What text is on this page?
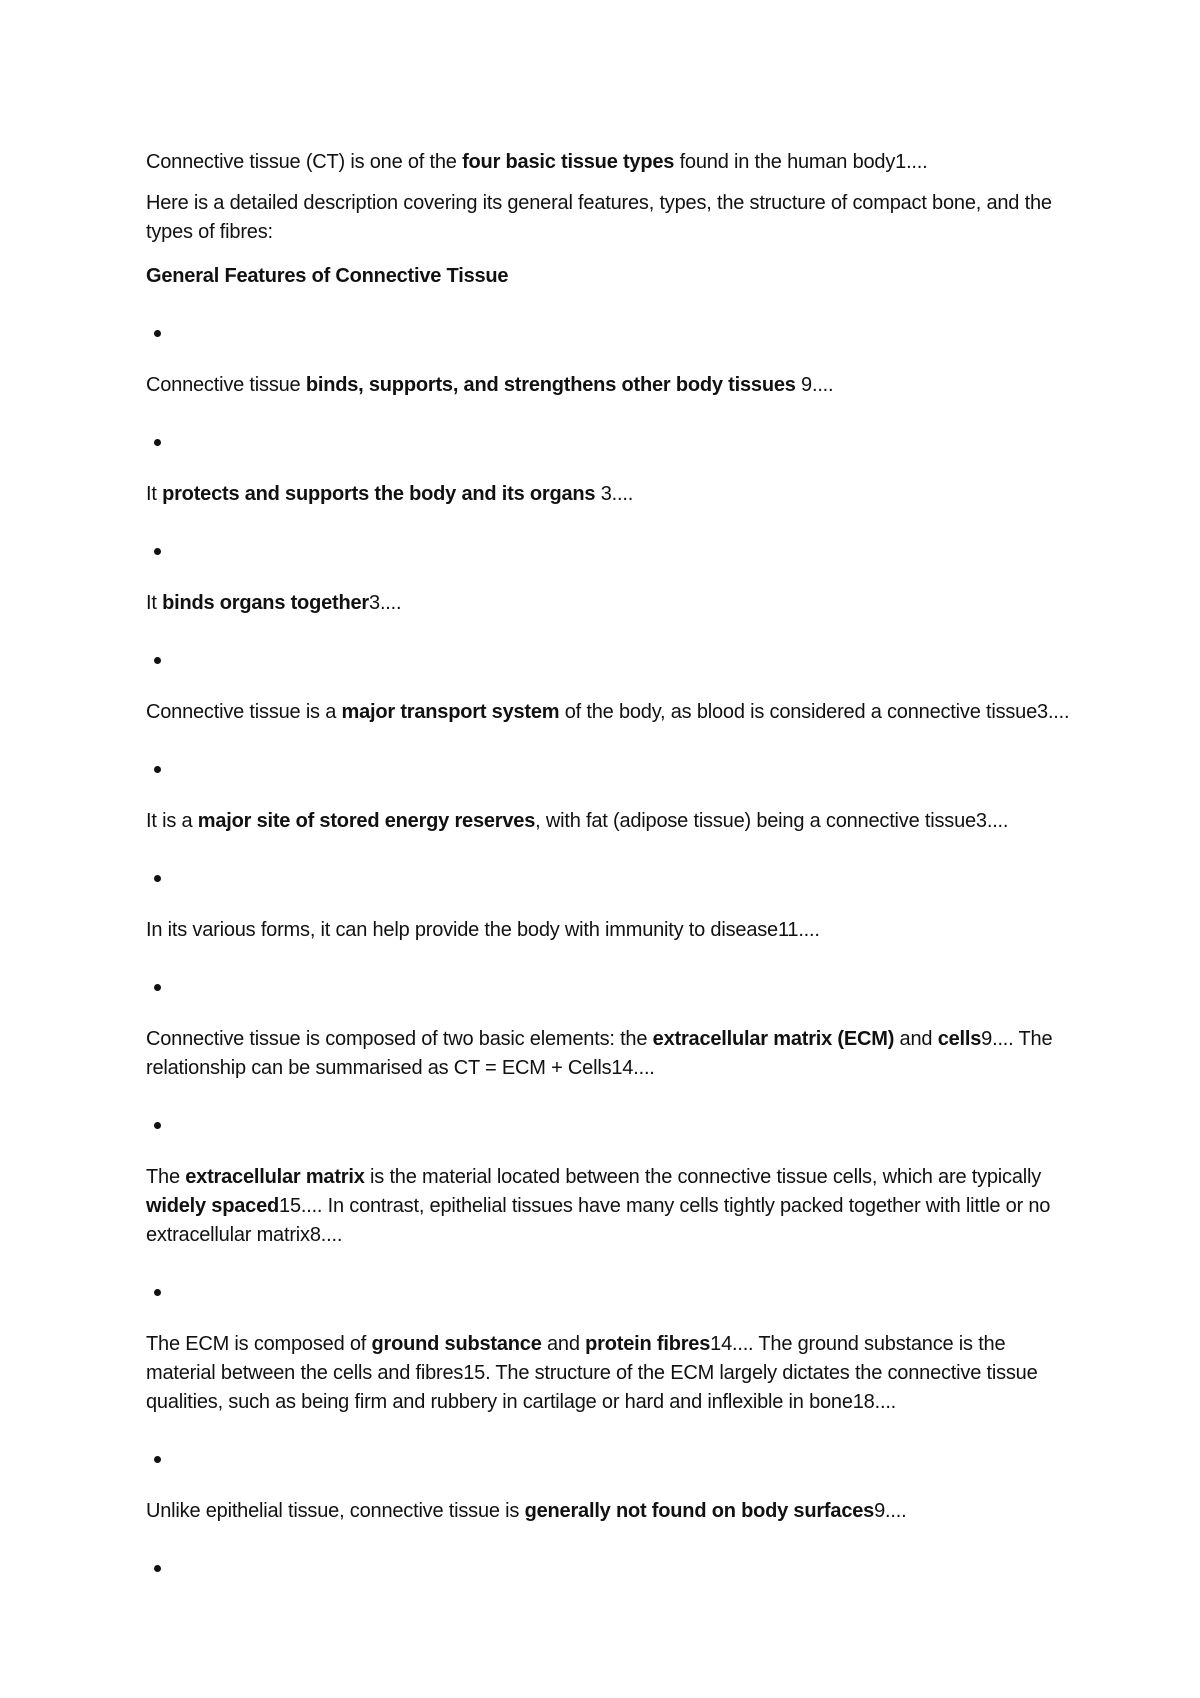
Connective tissue (CT) is one of the four basic tissue types found in the human body1....

Here is a detailed description covering its general features, types, the structure of compact bone, and the types of fibres:

General Features of Connective Tissue

Connective tissue binds, supports, and strengthens other body tissues 9....

It protects and supports the body and its organs 3....

It binds organs together3....

Connective tissue is a major transport system of the body, as blood is considered a connective tissue3....

It is a major site of stored energy reserves, with fat (adipose tissue) being a connective tissue3....

In its various forms, it can help provide the body with immunity to disease11....

Connective tissue is composed of two basic elements: the extracellular matrix (ECM) and cells9.... The relationship can be summarised as CT = ECM + Cells14....

The extracellular matrix is the material located between the connective tissue cells, which are typically widely spaced15.... In contrast, epithelial tissues have many cells tightly packed together with little or no extracellular matrix8....

The ECM is composed of ground substance and protein fibres14.... The ground substance is the material between the cells and fibres15. The structure of the ECM largely dictates the connective tissue qualities, such as being firm and rubbery in cartilage or hard and inflexible in bone18....

Unlike epithelial tissue, connective tissue is generally not found on body surfaces9....
